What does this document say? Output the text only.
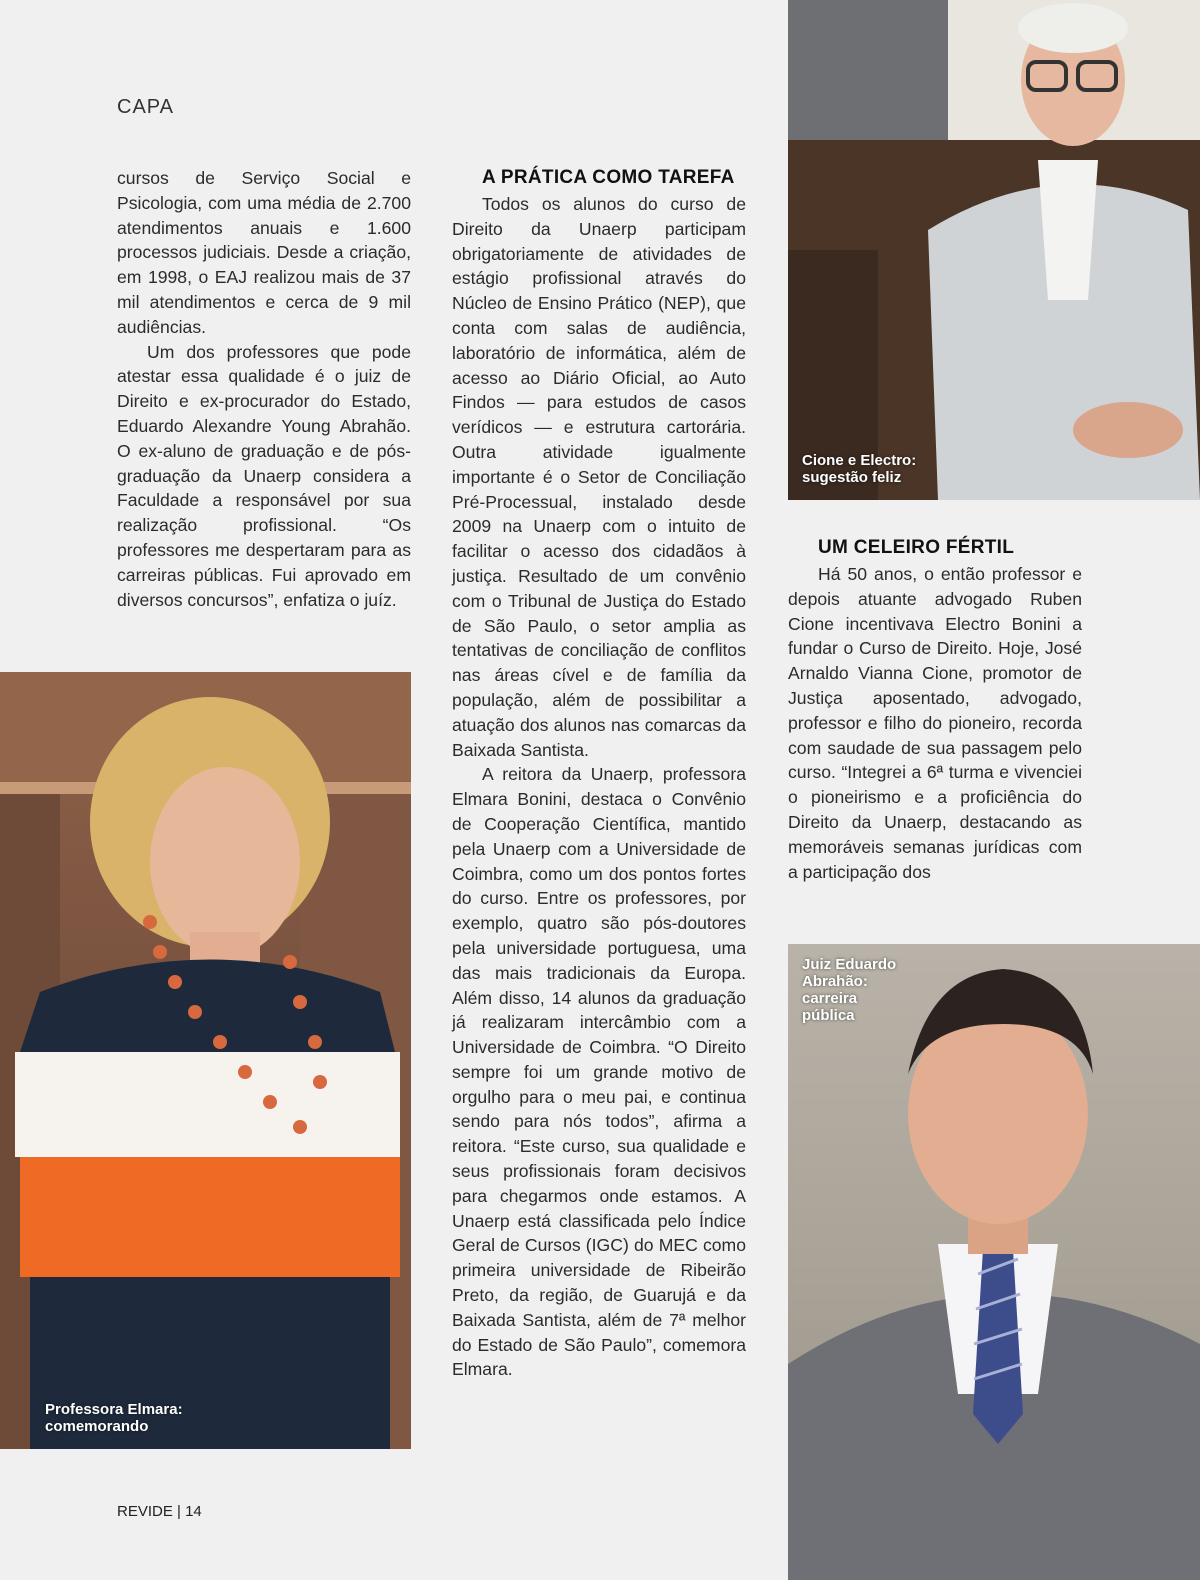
CAPA

cursos de Serviço Social e Psicologia, com uma média de 2.700 atendimentos anuais e 1.600 processos judiciais. Desde a criação, em 1998, o EAJ realizou mais de 37 mil atendimentos e cerca de 9 mil audiências.

Um dos professores que pode atestar essa qualidade é o juiz de Direito e ex-procurador do Estado, Eduardo Alexandre Young Abrahão. O ex-aluno de graduação e de pós-graduação da Unaerp considera a Faculdade a responsável por sua realização profissional. “Os professores me despertaram para as carreiras públicas. Fui aprovado em diversos concursos”, enfatiza o juíz.

A PRÁTICA COMO TAREFA

Todos os alunos do curso de Direito da Unaerp participam obrigatoriamente de atividades de estágio profissional através do Núcleo de Ensino Prático (NEP), que conta com salas de audiência, laboratório de informática, além de acesso ao Diário Oficial, ao Auto Findos — para estudos de casos verídicos — e estrutura cartorária. Outra atividade igualmente importante é o Setor de Conciliação Pré-Processual, instalado desde 2009 na Unaerp com o intuito de facilitar o acesso dos cidadãos à justiça. Resultado de um convênio com o Tribunal de Justiça do Estado de São Paulo, o setor amplia as tentativas de conciliação de conflitos nas áreas cível e de família da população, além de possibilitar a atuação dos alunos nas comarcas da Baixada Santista.

A reitora da Unaerp, professora Elmara Bonini, destaca o Convênio de Cooperação Científica, mantido pela Unaerp com a Universidade de Coimbra, como um dos pontos fortes do curso. Entre os professores, por exemplo, quatro são pós-doutores pela universidade portuguesa, uma das mais tradicionais da Europa. Além disso, 14 alunos da graduação já realizaram intercâmbio com a Universidade de Coimbra. “O Direito sempre foi um grande motivo de orgulho para o meu pai, e continua sendo para nós todos”, afirma a reitora. “Este curso, sua qualidade e seus profissionais foram decisivos para chegarmos onde estamos. A Unaerp está classificada pelo Índice Geral de Cursos (IGC) do MEC como primeira universidade de Ribeirão Preto, da região, de Guarujá e da Baixada Santista, além de 7ª melhor do Estado de São Paulo”, comemora Elmara.

UM CELEIRO FÉRTIL

Há 50 anos, o então professor e depois atuante advogado Ruben Cione incentivava Electro Bonini a fundar o Curso de Direito. Hoje, José Arnaldo Vianna Cione, promotor de Justiça aposentado, advogado, professor e filho do pioneiro, recorda com saudade de sua passagem pelo curso. “Integrei a 6ª turma e vivenciei o pioneirismo e a proficiência do Direito da Unaerp, destacando as memoráveis semanas jurídicas com a participação dos

Professora Elmara:
comemorando
Cione e Electro:
sugestão feliz
Juiz Eduardo
Abrahão:
carreira
pública
REVIDE | 14
